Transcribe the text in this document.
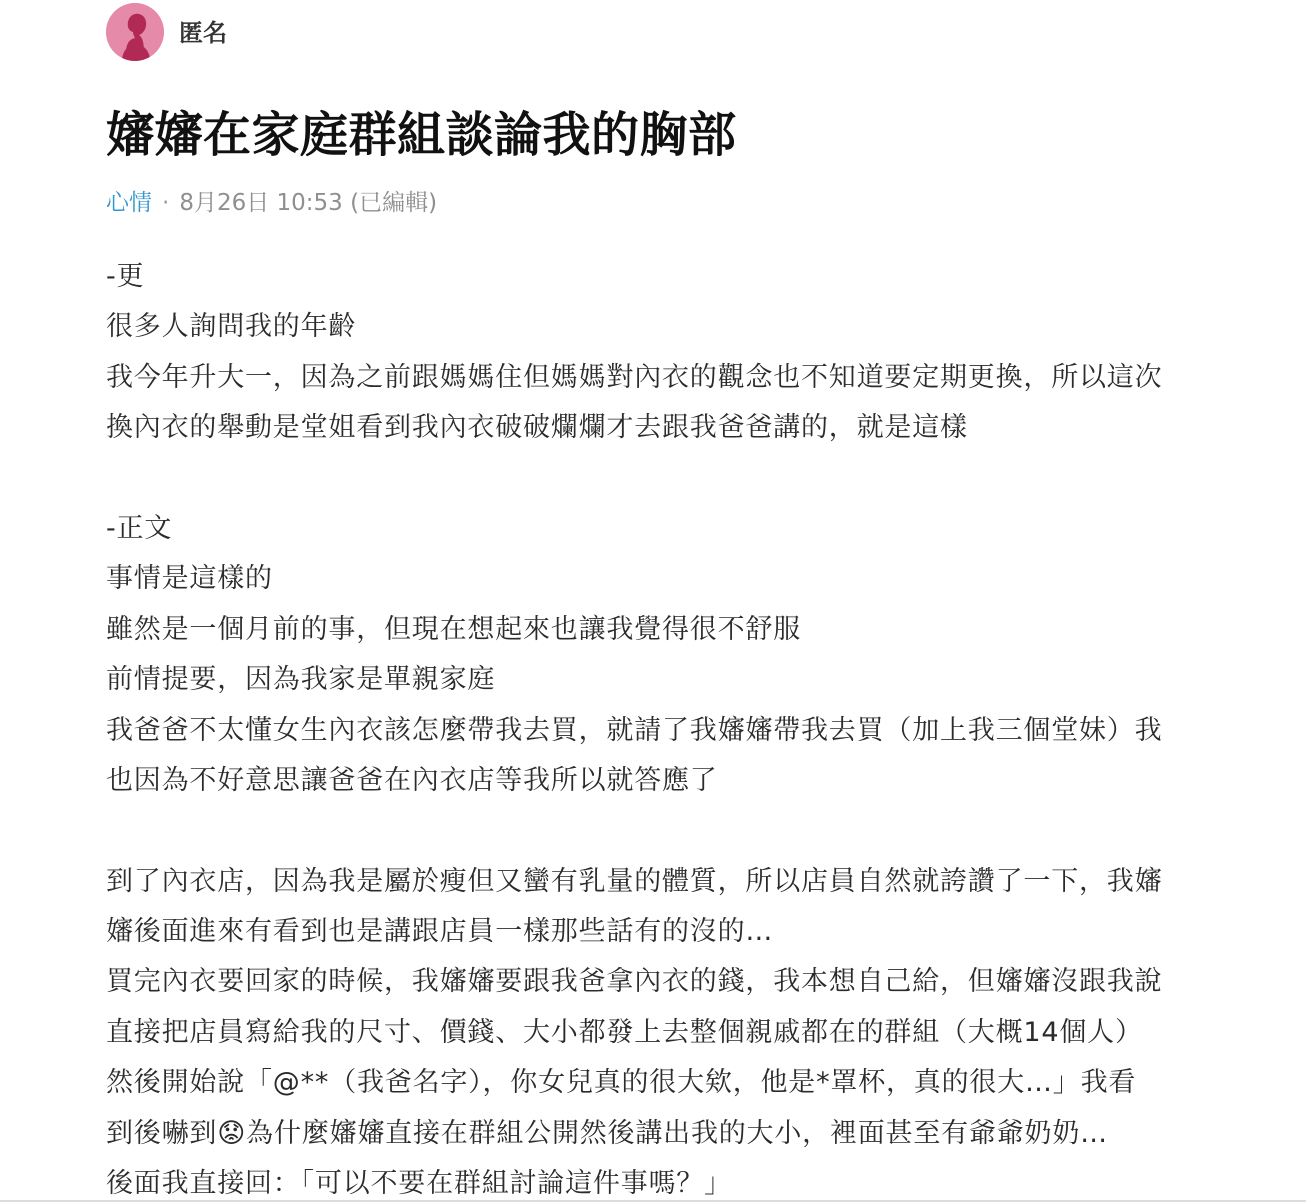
匿名
嬸嬸在家庭群組談論我的胸部
心情 · 8月26日 10:53 (已編輯)
-更
很多人詢問我的年齡
我今年升大一，因為之前跟媽媽住但媽媽對內衣的觀念也不知道要定期更換，所以這次
換內衣的舉動是堂姐看到我內衣破破爛爛才去跟我爸爸講的，就是這樣
-正文
事情是這樣的
雖然是一個月前的事，但現在想起來也讓我覺得很不舒服
前情提要，因為我家是單親家庭
我爸爸不太懂女生內衣該怎麼帶我去買，就請了我嬸嬸帶我去買（加上我三個堂妹）我
也因為不好意思讓爸爸在內衣店等我所以就答應了
到了內衣店，因為我是屬於瘦但又蠻有乳量的體質，所以店員自然就誇讚了一下，我嬸
嬸後面進來有看到也是講跟店員一樣那些話有的沒的…
買完內衣要回家的時候，我嬸嬸要跟我爸拿內衣的錢，我本想自己給，但嬸嬸沒跟我說
直接把店員寫給我的尺寸、價錢、大小都發上去整個親戚都在的群組（大概14個人）
然後開始說「@**（我爸名字），你女兒真的很大欸，他是*罩杯，真的很大…」我看
到後嚇到😟為什麼嬸嬸直接在群組公開然後講出我的大小，裡面甚至有爺爺奶奶…
後面我直接回：「可以不要在群組討論這件事嗎？」
